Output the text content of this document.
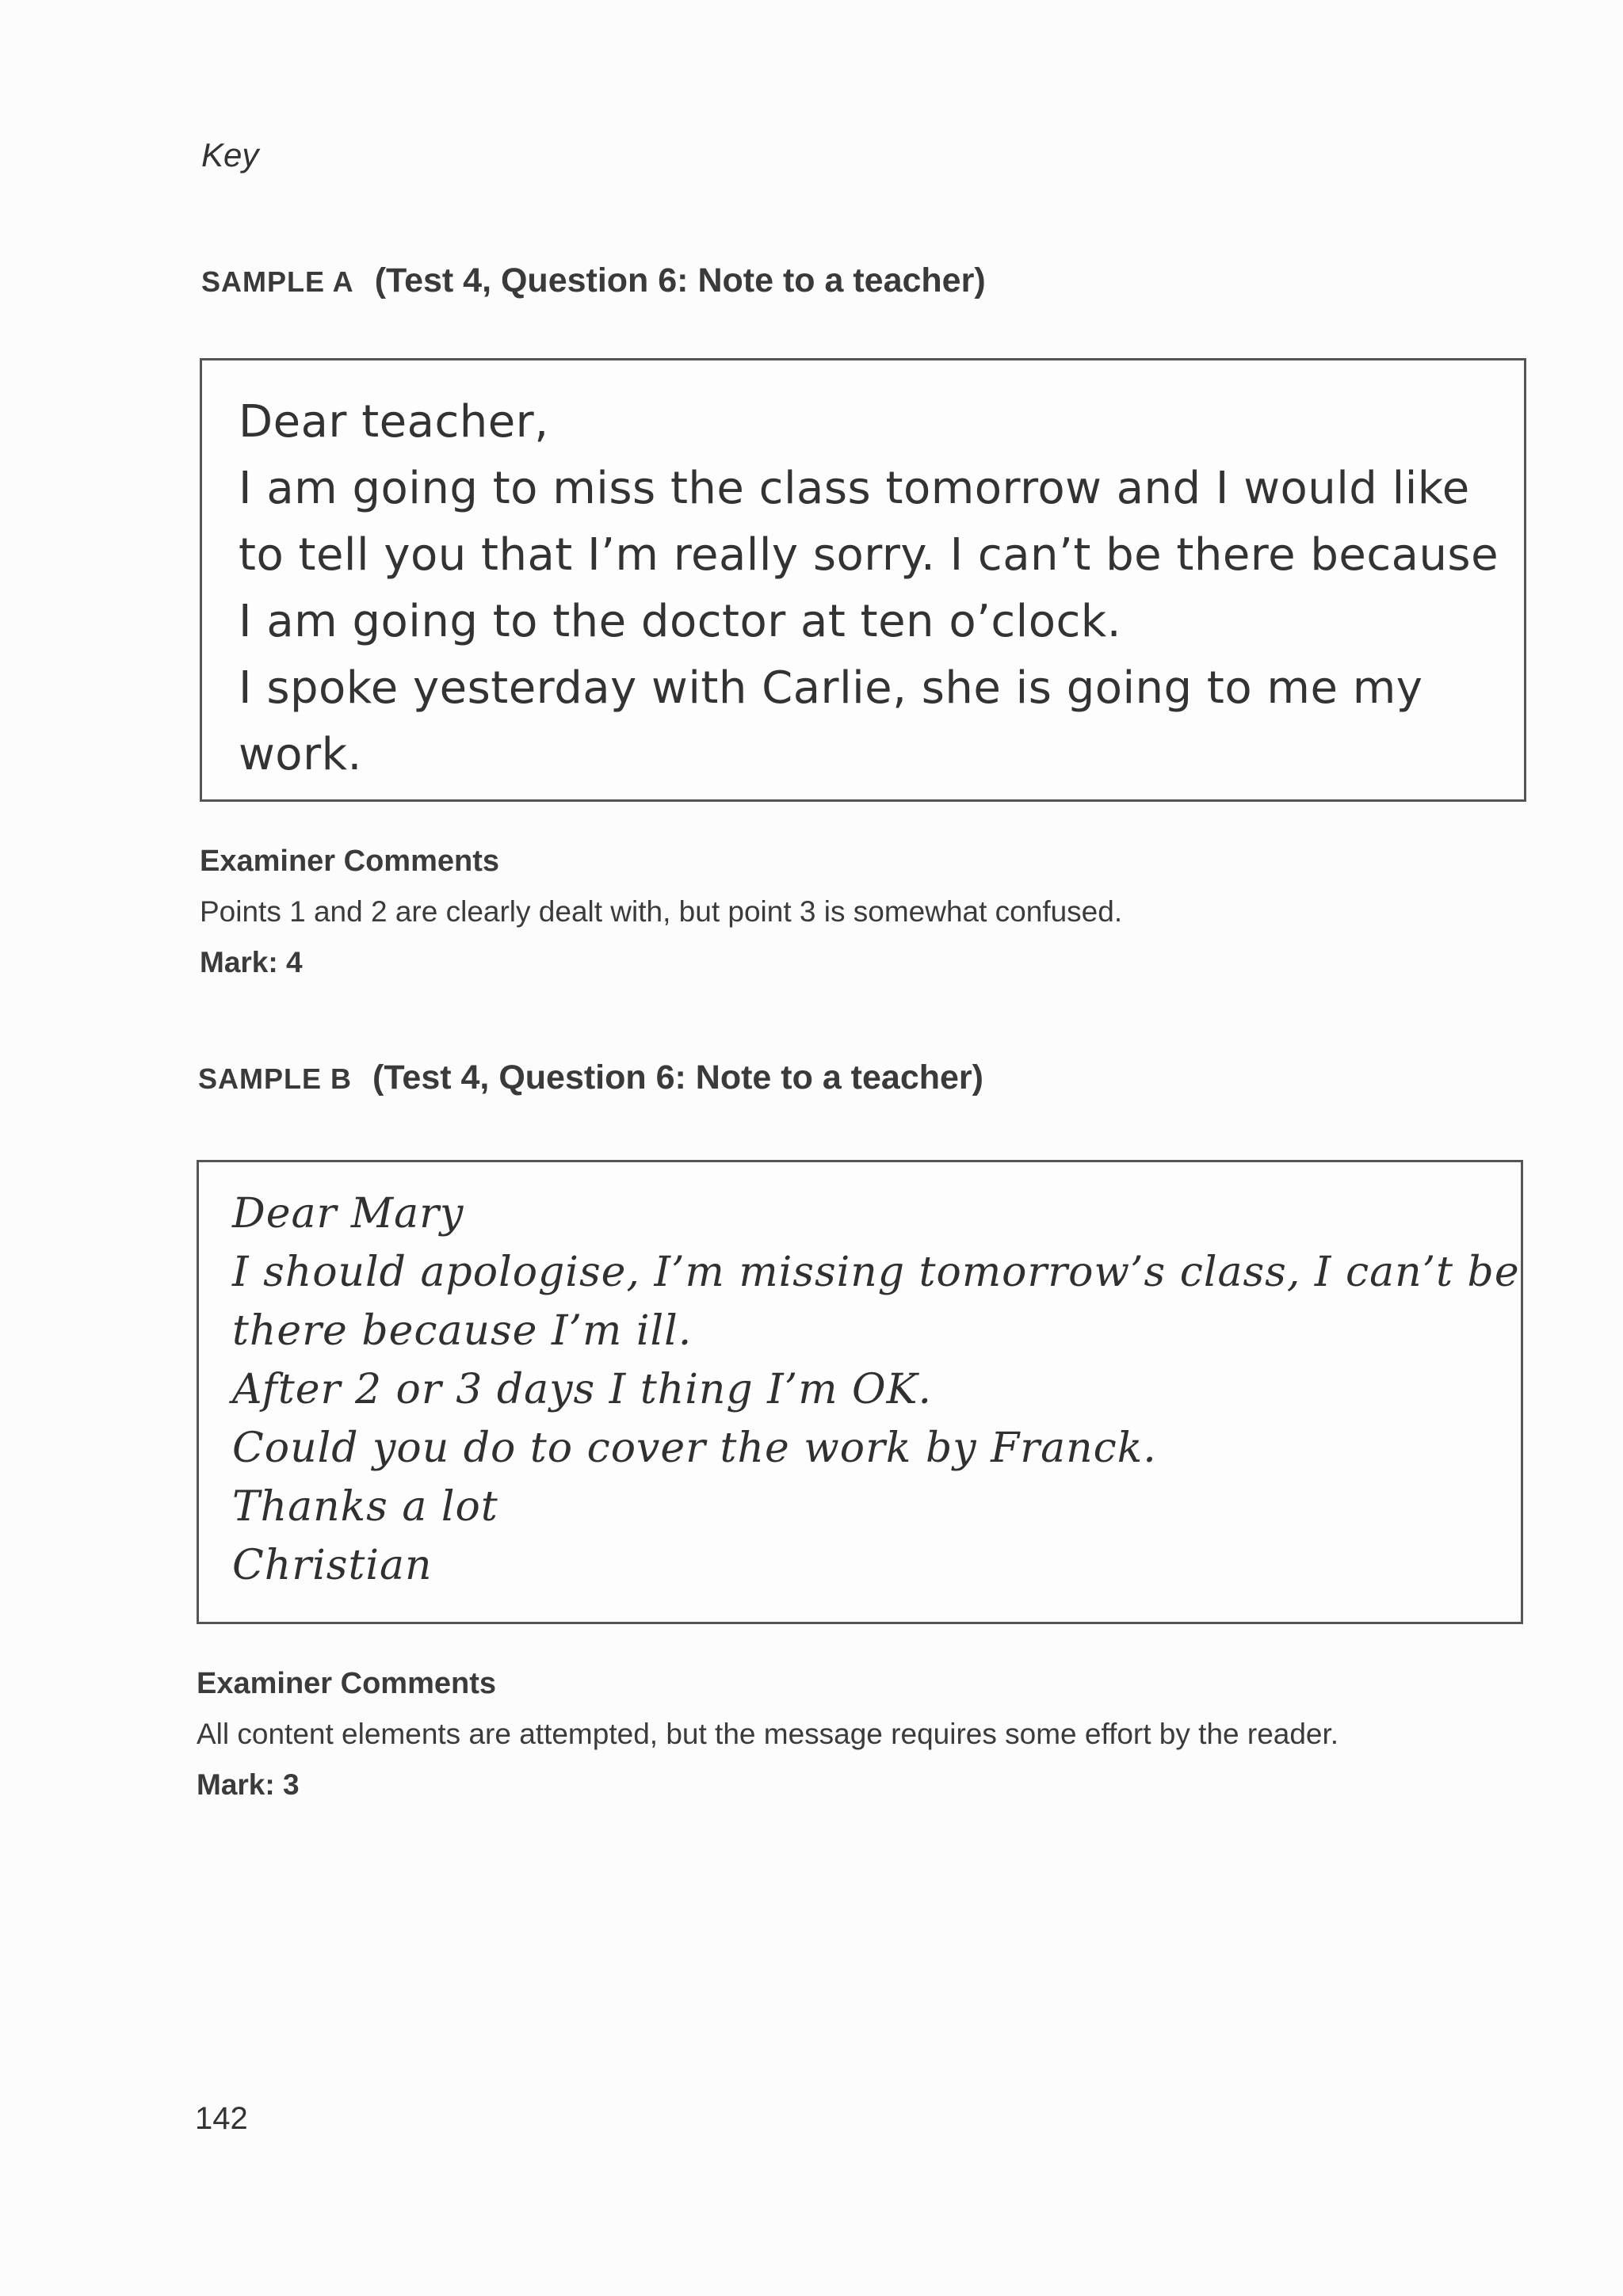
Key
SAMPLE A (Test 4, Question 6: Note to a teacher)
Dear teacher,
I am going to miss the class tomorrow and I would like
to tell you that I’m really sorry. I can’t be there because
I am going to the doctor at ten o’clock.
I spoke yesterday with Carlie, she is going to me my
work.
Examiner Comments
Points 1 and 2 are clearly dealt with, but point 3 is somewhat confused.
Mark: 4
SAMPLE B (Test 4, Question 6: Note to a teacher)
Dear Mary
I should apologise, I’m missing tomorrow’s class, I can’t be
there because I’m ill.
After 2 or 3 days I thing I’m OK.
Could you do to cover the work by Franck.
Thanks a lot
Christian
Examiner Comments
All content elements are attempted, but the message requires some effort by the reader.
Mark: 3
142
